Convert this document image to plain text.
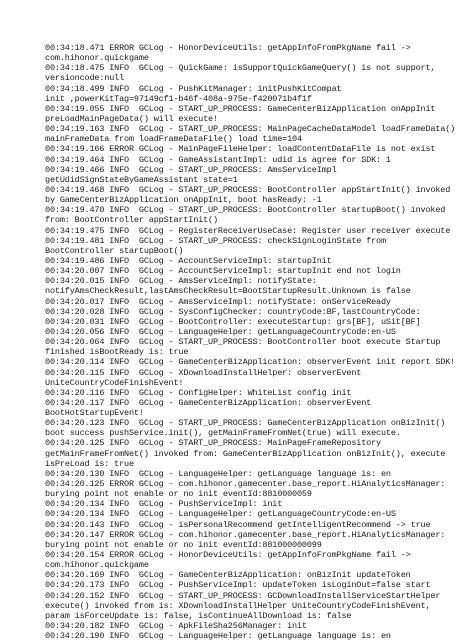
00:34:18.471 ERROR GCLog - HonorDeviceUtils: getAppInfoFromPkgName fail ->
com.hihonor.quickgame
00:34:18.475 INFO  GCLog - QuickGame: isSupportQuickGameQuery() is not support,
versioncode:null
00:34:18.499 INFO  GCLog - PushKitManager: initPushKitCompat
init ,powerKitTag=97149cf1-b46f-408a-975e-f420071b4f1f
00:34:19.055 INFO  GCLog - START_UP_PROCESS: GameCenterBizApplication onAppInit
preLoadMainPageData() will execute!
00:34:19.163 INFO  GCLog - START_UP_PROCESS: MainPageCacheDataModel loadFrameData()
mainFrameData from loadFrameDataFile() load time=104
00:34:19.166 ERROR GCLog - MainPageFileHelper: loadContentDataFile is not exist
00:34:19.464 INFO  GCLog - GameAssistantImpl: udid is agree for SDK: 1
00:34:19.466 INFO  GCLog - START_UP_PROCESS: AmsServiceImpl
getUdidSignStateByGameAssistant state=1
00:34:19.468 INFO  GCLog - START_UP_PROCESS: BootController appStartInit() invoked
by GameCenterBizApplication onAppInit, boot hasReady: -1
00:34:19.470 INFO  GCLog - START_UP_PROCESS: BootController startupBoot() invoked
from: BootController appStartInit()
00:34:19.475 INFO  GCLog - RegisterReceiverUseCase: Register user receiver execute
00:34:19.481 INFO  GCLog - START_UP_PROCESS: checkSignLoginState from
BootController startupBoot()
00:34:19.486 INFO  GCLog - AccountServiceImpl: startupInit
00:34:20.007 INFO  GCLog - AccountServiceImpl: startupInit end not login
00:34:20.015 INFO  GCLog - AmsServiceImpl: notifyState:
notifyAmsCheckResult,lastAmsCheckResult=BootStartupResult.Unknown is false
00:34:20.017 INFO  GCLog - AmsServiceImpl: notifyState: onServiceReady
00:34:20.028 INFO  GCLog - SysConfigChecker: countryCode:BF,lastCountryCode:
00:34:20.031 INFO  GCLog - BootController: executeStartup: grs[BF], uSit[BF]
00:34:20.056 INFO  GCLog - LanguageHelper: getLanguageCountryCode:en-US
00:34:20.064 INFO  GCLog - START_UP_PROCESS: BootController boot execute Startup
finished isBootReady is: true
00:34:20.114 INFO  GCLog - GameCenterBizApplication: observerEvent init report SDK!
00:34:20.115 INFO  GCLog - XDownloadInstallHelper: observerEvent
UniteCountryCodeFinishEvent!
00:34:20.116 INFO  GCLog - ConfigHelper: WhiteList config init
00:34:20.117 INFO  GCLog - GameCenterBizApplication: observerEvent
BootHotStartupEvent!
00:34:20.123 INFO  GCLog - START_UP_PROCESS: GameCenterBizApplication onBizInit()
boot success pushService.init(), getMainFrameFromNet(true) will execute.
00:34:20.125 INFO  GCLog - START_UP_PROCESS: MainPageFrameRepository
getMainFrameFromNet() invoked from: GameCenterBizApplication onBizInit(), execute
isPreLoad is: true
00:34:20.130 INFO  GCLog - LanguageHelper: getLanguage language is: en
00:34:20.125 ERROR GCLog - com.hihonor.gamecenter.base_report.HiAnalyticsManager:
burying point not enable or no init eventId:8810000059
00:34:20.134 INFO  GCLog - PushServiceImpl: init
00:34:20.134 INFO  GCLog - LanguageHelper: getLanguageCountryCode:en-US
00:34:20.143 INFO  GCLog - isPersonalRecommend getIntelligentRecommend -> true
00:34:20.147 ERROR GCLog - com.hihonor.gamecenter.base_report.HiAnalyticsManager:
burying point not enable or no init eventId:881000000099
00:34:20.154 ERROR GCLog - HonorDeviceUtils: getAppInfoFromPkgName fail ->
com.hihonor.quickgame
00:34:20.169 INFO  GCLog - GameCenterBizApplication: onBizInit updateToken
00:34:20.173 INFO  GCLog - PushServiceImpl: updateToken isLoginOut=false start
00:34:20.152 INFO  GCLog - START_UP_PROCESS: GCDownloadInstallServiceStartHelper
execute() invoked from is: XDownloadInstallHelper UniteCountryCodeFinishEvent,
param isForceUpdate is: false, isContinueAllDownload is: false
00:34:20.182 INFO  GCLog - ApkFileSha256Manager: init
00:34:20.190 INFO  GCLog - LanguageHelper: getLanguage language is: en
